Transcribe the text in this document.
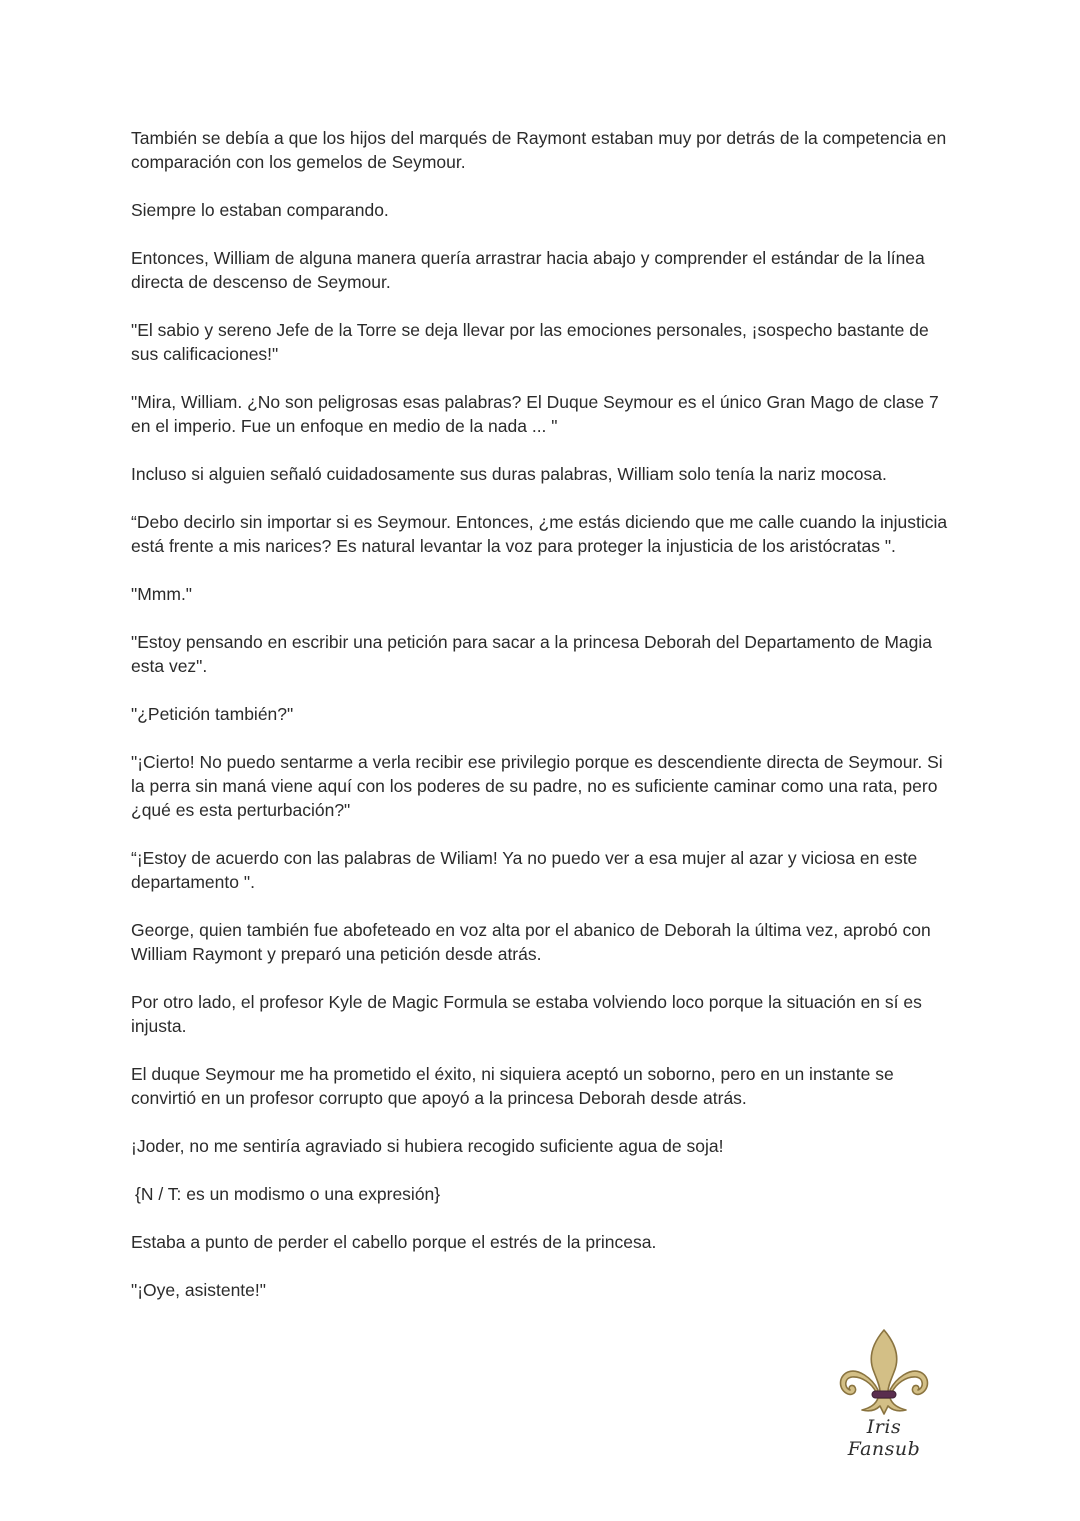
También se debía a que los hijos del marqués de Raymont estaban muy por detrás de la competencia en comparación con los gemelos de Seymour.

Siempre lo estaban comparando.

Entonces, William de alguna manera quería arrastrar hacia abajo y comprender el estándar de la línea directa de descenso de Seymour.

"El sabio y sereno Jefe de la Torre se deja llevar por las emociones personales, ¡sospecho bastante de sus calificaciones!"

"Mira, William. ¿No son peligrosas esas palabras? El Duque Seymour es el único Gran Mago de clase 7 en el imperio. Fue un enfoque en medio de la nada ... "

Incluso si alguien señaló cuidadosamente sus duras palabras, William solo tenía la nariz mocosa.

“Debo decirlo sin importar si es Seymour. Entonces, ¿me estás diciendo que me calle cuando la injusticia está frente a mis narices? Es natural levantar la voz para proteger la injusticia de los aristócratas ".

"Mmm."

"Estoy pensando en escribir una petición para sacar a la princesa Deborah del Departamento de Magia esta vez".

"¿Petición también?"

"¡Cierto! No puedo sentarme a verla recibir ese privilegio porque es descendiente directa de Seymour. Si la perra sin maná viene aquí con los poderes de su padre, no es suficiente caminar como una rata, pero ¿qué es esta perturbación?"

“¡Estoy de acuerdo con las palabras de Wiliam! Ya no puedo ver a esa mujer al azar y viciosa en este departamento ".

George, quien también fue abofeteado en voz alta por el abanico de Deborah la última vez, aprobó con William Raymont y preparó una petición desde atrás.

Por otro lado, el profesor Kyle de Magic Formula se estaba volviendo loco porque la situación en sí es injusta.

El duque Seymour me ha prometido el éxito, ni siquiera aceptó un soborno, pero en un instante se convirtió en un profesor corrupto que apoyó a la princesa Deborah desde atrás.

¡Joder, no me sentiría agraviado si hubiera recogido suficiente agua de soja!

{N / T: es un modismo o una expresión}

Estaba a punto de perder el cabello porque el estrés de la princesa.

"¡Oye, asistente!"

Iris Fansub
